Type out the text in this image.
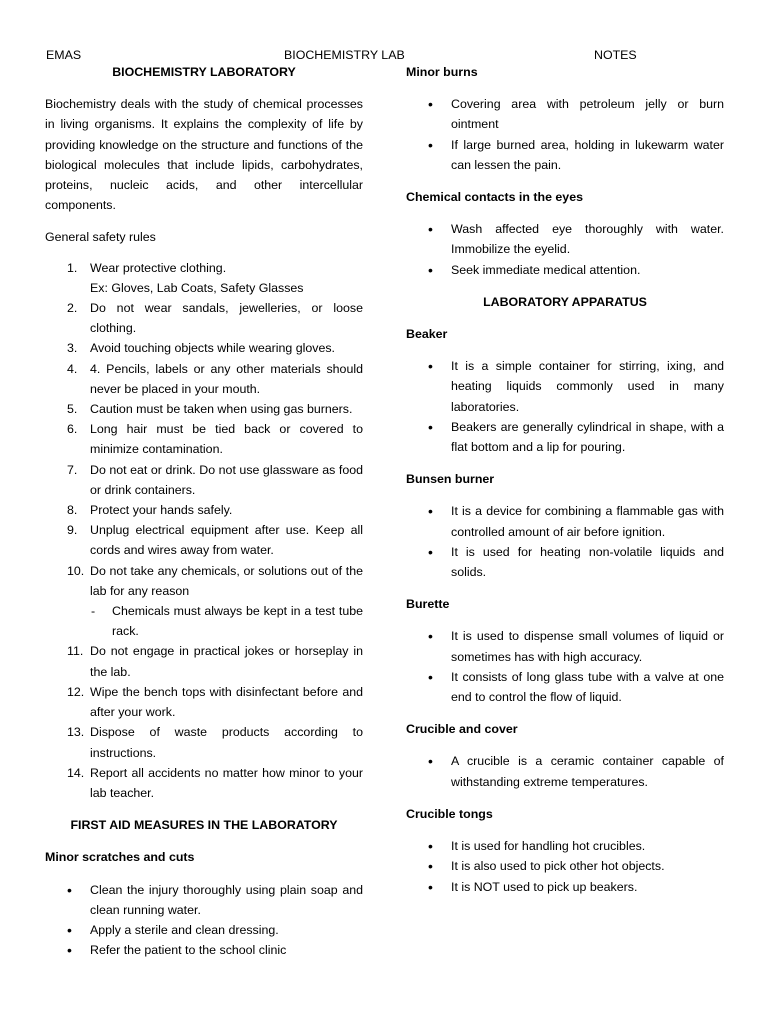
EMAS	BIOCHEMISTRY LAB	NOTES
BIOCHEMISTRY LABORATORY
Biochemistry deals with the study of chemical processes in living organisms. It explains the complexity of life by providing knowledge on the structure and functions of the biological molecules that include lipids, carbohydrates, proteins, nucleic acids, and other intercellular components.
General safety rules
1.	Wear protective clothing.
Ex: Gloves, Lab Coats, Safety Glasses
2.	Do not wear sandals, jewelleries, or loose clothing.
3.	Avoid touching objects while wearing gloves.
4.	4. Pencils, labels or any other materials should never be placed in your mouth.
5.	Caution must be taken when using gas burners.
6.	Long hair must be tied back or covered to minimize contamination.
7.	Do not eat or drink. Do not use glassware as food or drink containers.
8.	Protect your hands safely.
9.	Unplug electrical equipment after use. Keep all cords and wires away from water.
10. Do not take any chemicals, or solutions out of the lab for any reason
-	Chemicals must always be kept in a test tube rack.
11. Do not engage in practical jokes or horseplay in the lab.
12. Wipe the bench tops with disinfectant before and after your work.
13. Dispose of waste products according to instructions.
14. Report all accidents no matter how minor to your lab teacher.
FIRST AID MEASURES IN THE LABORATORY
Minor scratches and cuts
•	Clean the injury thoroughly using plain soap and clean running water.
•	Apply a sterile and clean dressing.
•	Refer the patient to the school clinic
Minor burns
•	Covering area with petroleum jelly or burn ointment
•	If large burned area, holding in lukewarm water can lessen the pain.
Chemical contacts in the eyes
•	Wash affected eye thoroughly with water. Immobilize the eyelid.
•	Seek immediate medical attention.
LABORATORY APPARATUS
Beaker
•	It is a simple container for stirring, ixing, and heating liquids commonly used in many laboratories.
•	Beakers are generally cylindrical in shape, with a flat bottom and a lip for pouring.
Bunsen burner
•	It is a device for combining a flammable gas with controlled amount of air before ignition.
•	It is used for heating non-volatile liquids and solids.
Burette
•	It is used to dispense small volumes of liquid or sometimes has with high accuracy.
•	It consists of long glass tube with a valve at one end to control the flow of liquid.
Crucible and cover
•	A crucible is a ceramic container capable of withstanding extreme temperatures.
Crucible tongs
•	It is used for handling hot crucibles.
•	It is also used to pick other hot objects.
•	It is NOT used to pick up beakers.
